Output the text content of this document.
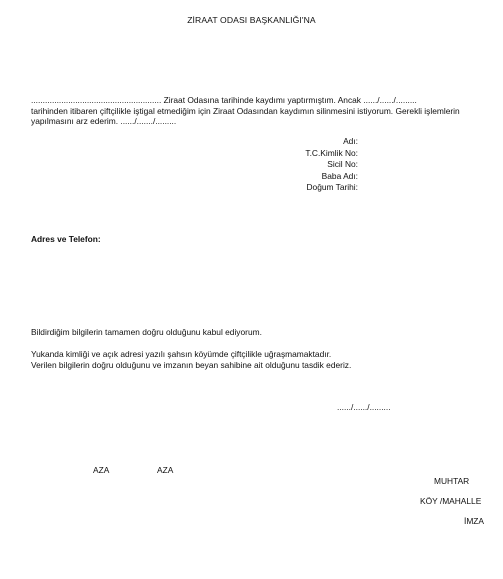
ZİRAAT ODASI BAŞKANLIĞI'NA
........................................................ Ziraat Odasına tarihinde kaydımı yaptırmıştım. Ancak ....../....../.........
tarihinden itibaren çiftçilikle iştigal etmediğim için Ziraat Odasından kaydımın silinmesini istiyorum. Gerekli işlemlerin
yapılmasını arz ederim. ....../......./.........
Adı:
T.C.Kimlik No:
Sicil No:
Baba Adı:
Doğum Tarihi:
Adres ve Telefon:
Bildirdiğim bilgilerin tamamen doğru olduğunu kabul ediyorum.
Yukanda kimliği ve açık adresi yazılı şahsın köyümde çiftçilikle uğraşmamaktadır.
Verilen bilgilerin doğru olduğunu ve imzanın beyan sahibine ait olduğunu tasdik ederiz.
....../....../.........
AZA	AZA
MUHTAR
KÖY /MAHALLE
İMZA
